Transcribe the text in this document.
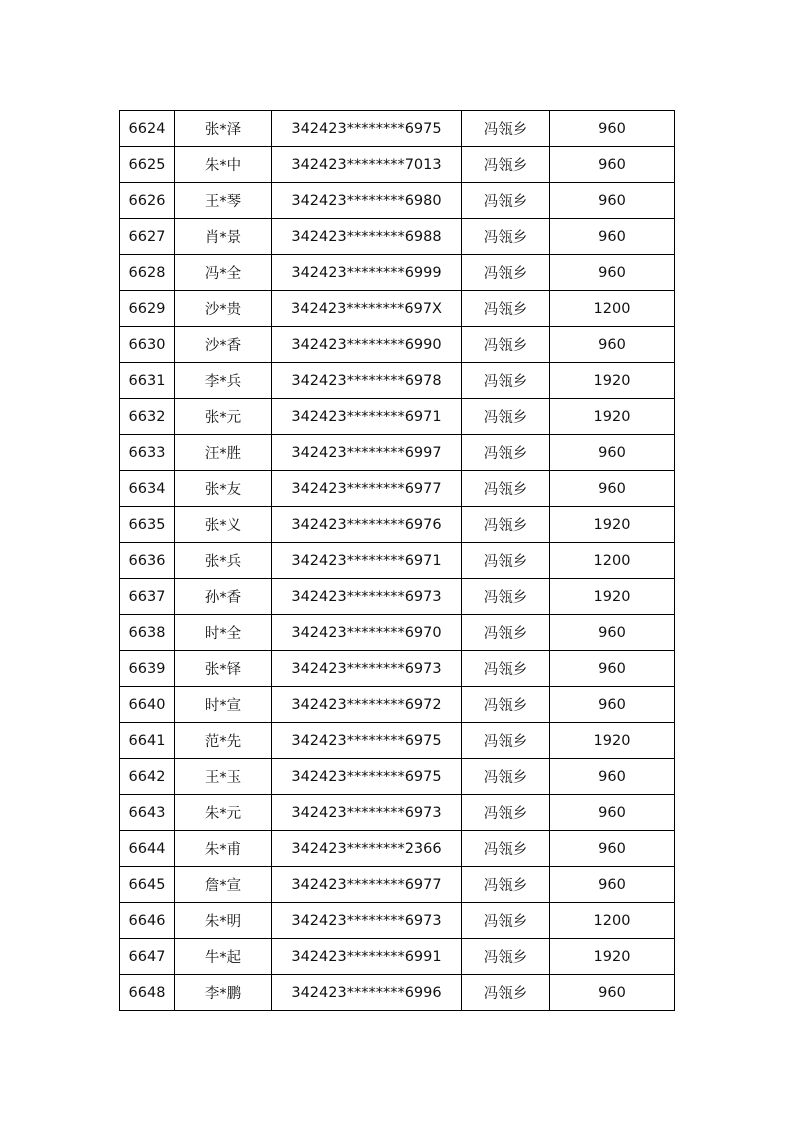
6624	张*泽	342423********6975	冯瓴乡	960
6625	朱*中	342423********7013	冯瓴乡	960
6626	王*琴	342423********6980	冯瓴乡	960
6627	肖*景	342423********6988	冯瓴乡	960
6628	冯*全	342423********6999	冯瓴乡	960
6629	沙*贵	342423********697X	冯瓴乡	1200
6630	沙*香	342423********6990	冯瓴乡	960
6631	李*兵	342423********6978	冯瓴乡	1920
6632	张*元	342423********6971	冯瓴乡	1920
6633	汪*胜	342423********6997	冯瓴乡	960
6634	张*友	342423********6977	冯瓴乡	960
6635	张*义	342423********6976	冯瓴乡	1920
6636	张*兵	342423********6971	冯瓴乡	1200
6637	孙*香	342423********6973	冯瓴乡	1920
6638	时*全	342423********6970	冯瓴乡	960
6639	张*铎	342423********6973	冯瓴乡	960
6640	时*宣	342423********6972	冯瓴乡	960
6641	范*先	342423********6975	冯瓴乡	1920
6642	王*玉	342423********6975	冯瓴乡	960
6643	朱*元	342423********6973	冯瓴乡	960
6644	朱*甫	342423********2366	冯瓴乡	960
6645	詹*宣	342423********6977	冯瓴乡	960
6646	朱*明	342423********6973	冯瓴乡	1200
6647	牛*起	342423********6991	冯瓴乡	1920
6648	李*鹏	342423********6996	冯瓴乡	960
